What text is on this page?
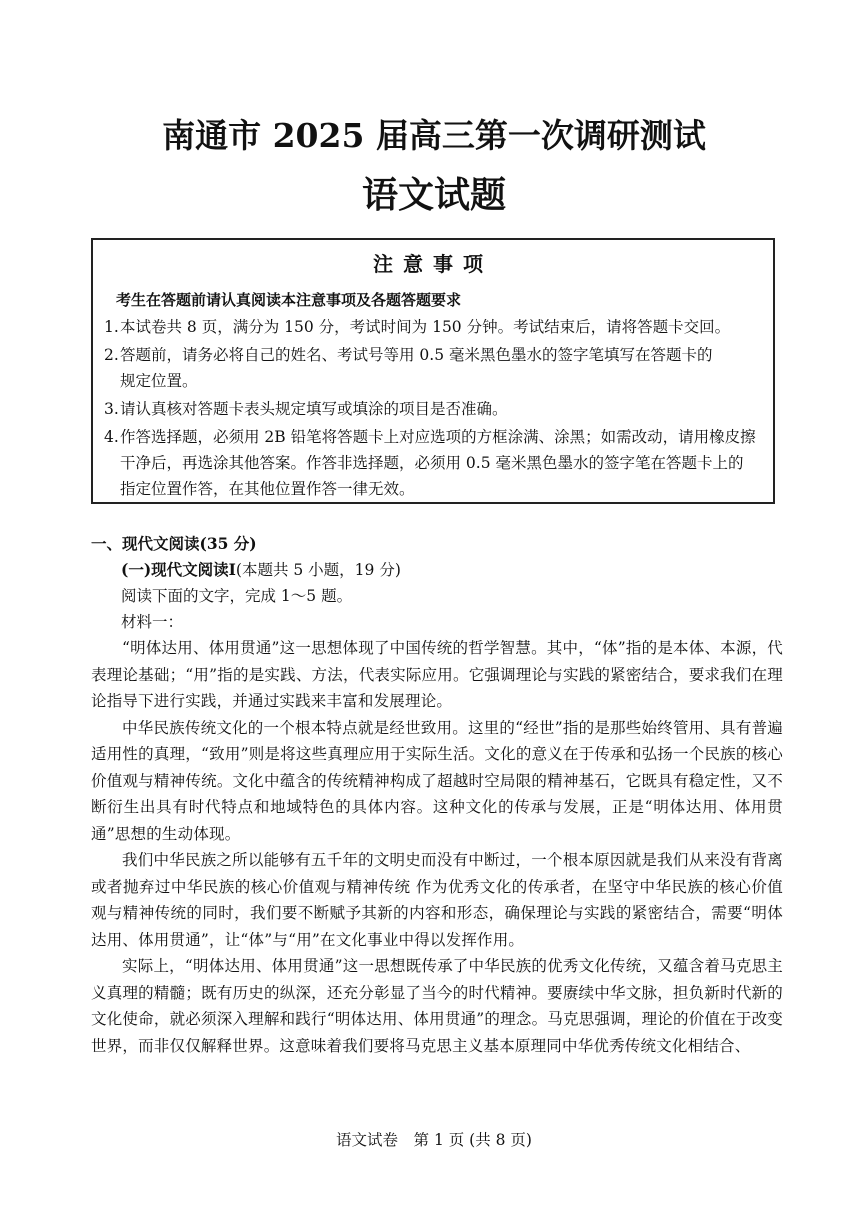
南通市 2025 届高三第一次调研测试
语文试题
注意事项
考生在答题前请认真阅读本注意事项及各题答题要求
1.本试卷共 8 页，满分为 150 分，考试时间为 150 分钟。考试结束后，请将答题卡交回。
2.答题前，请务必将自己的姓名、考试号等用 0.5 毫米黑色墨水的签字笔填写在答题卡的
规定位置。
3.请认真核对答题卡表头规定填写或填涂的项目是否准确。
4.作答选择题，必须用 2B 铅笔将答题卡上对应选项的方框涂满、涂黑；如需改动，请用橡皮擦
干净后，再选涂其他答案。作答非选择题，必须用 0.5 毫米黑色墨水的签字笔在答题卡上的
指定位置作答，在其他位置作答一律无效。

一、现代文阅读(35 分)

(一)现代文阅读Ⅰ(本题共 5 小题，19 分)

阅读下面的文字，完成 1～5 题。

材料一：

“明体达用、体用贯通”这一思想体现了中国传统的哲学智慧。其中，“体”指的是本体、本源，代表理论基础；“用”指的是实践、方法，代表实际应用。它强调理论与实践的紧密结合，要求我们在理论指导下进行实践，并通过实践来丰富和发展理论。

中华民族传统文化的一个根本特点就是经世致用。这里的“经世”指的是那些始终管用、具有普遍适用性的真理，“致用”则是将这些真理应用于实际生活。文化的意义在于传承和弘扬一个民族的核心价值观与精神传统。文化中蕴含的传统精神构成了超越时空局限的精神基石，它既具有稳定性，又不断衍生出具有时代特点和地域特色的具体内容。这种文化的传承与发展，正是“明体达用、体用贯通”思想的生动体现。

我们中华民族之所以能够有五千年的文明史而没有中断过，一个根本原因就是我们从来没有背离或者抛弃过中华民族的核心价值观与精神传统 作为优秀文化的传承者，在坚守中华民族的核心价值观与精神传统的同时，我们要不断赋予其新的内容和形态，确保理论与实践的紧密结合，需要“明体达用、体用贯通”，让“体”与“用”在文化事业中得以发挥作用。

实际上，“明体达用、体用贯通”这一思想既传承了中华民族的优秀文化传统，又蕴含着马克思主义真理的精髓；既有历史的纵深，还充分彰显了当今的时代精神。要赓续中华文脉，担负新时代新的文化使命，就必须深入理解和践行“明体达用、体用贯通”的理念。马克思强调，理论的价值在于改变世界，而非仅仅解释世界。这意味着我们要将马克思主义基本原理同中华优秀传统文化相结合、

语文试卷　第 1 页 (共 8 页)
